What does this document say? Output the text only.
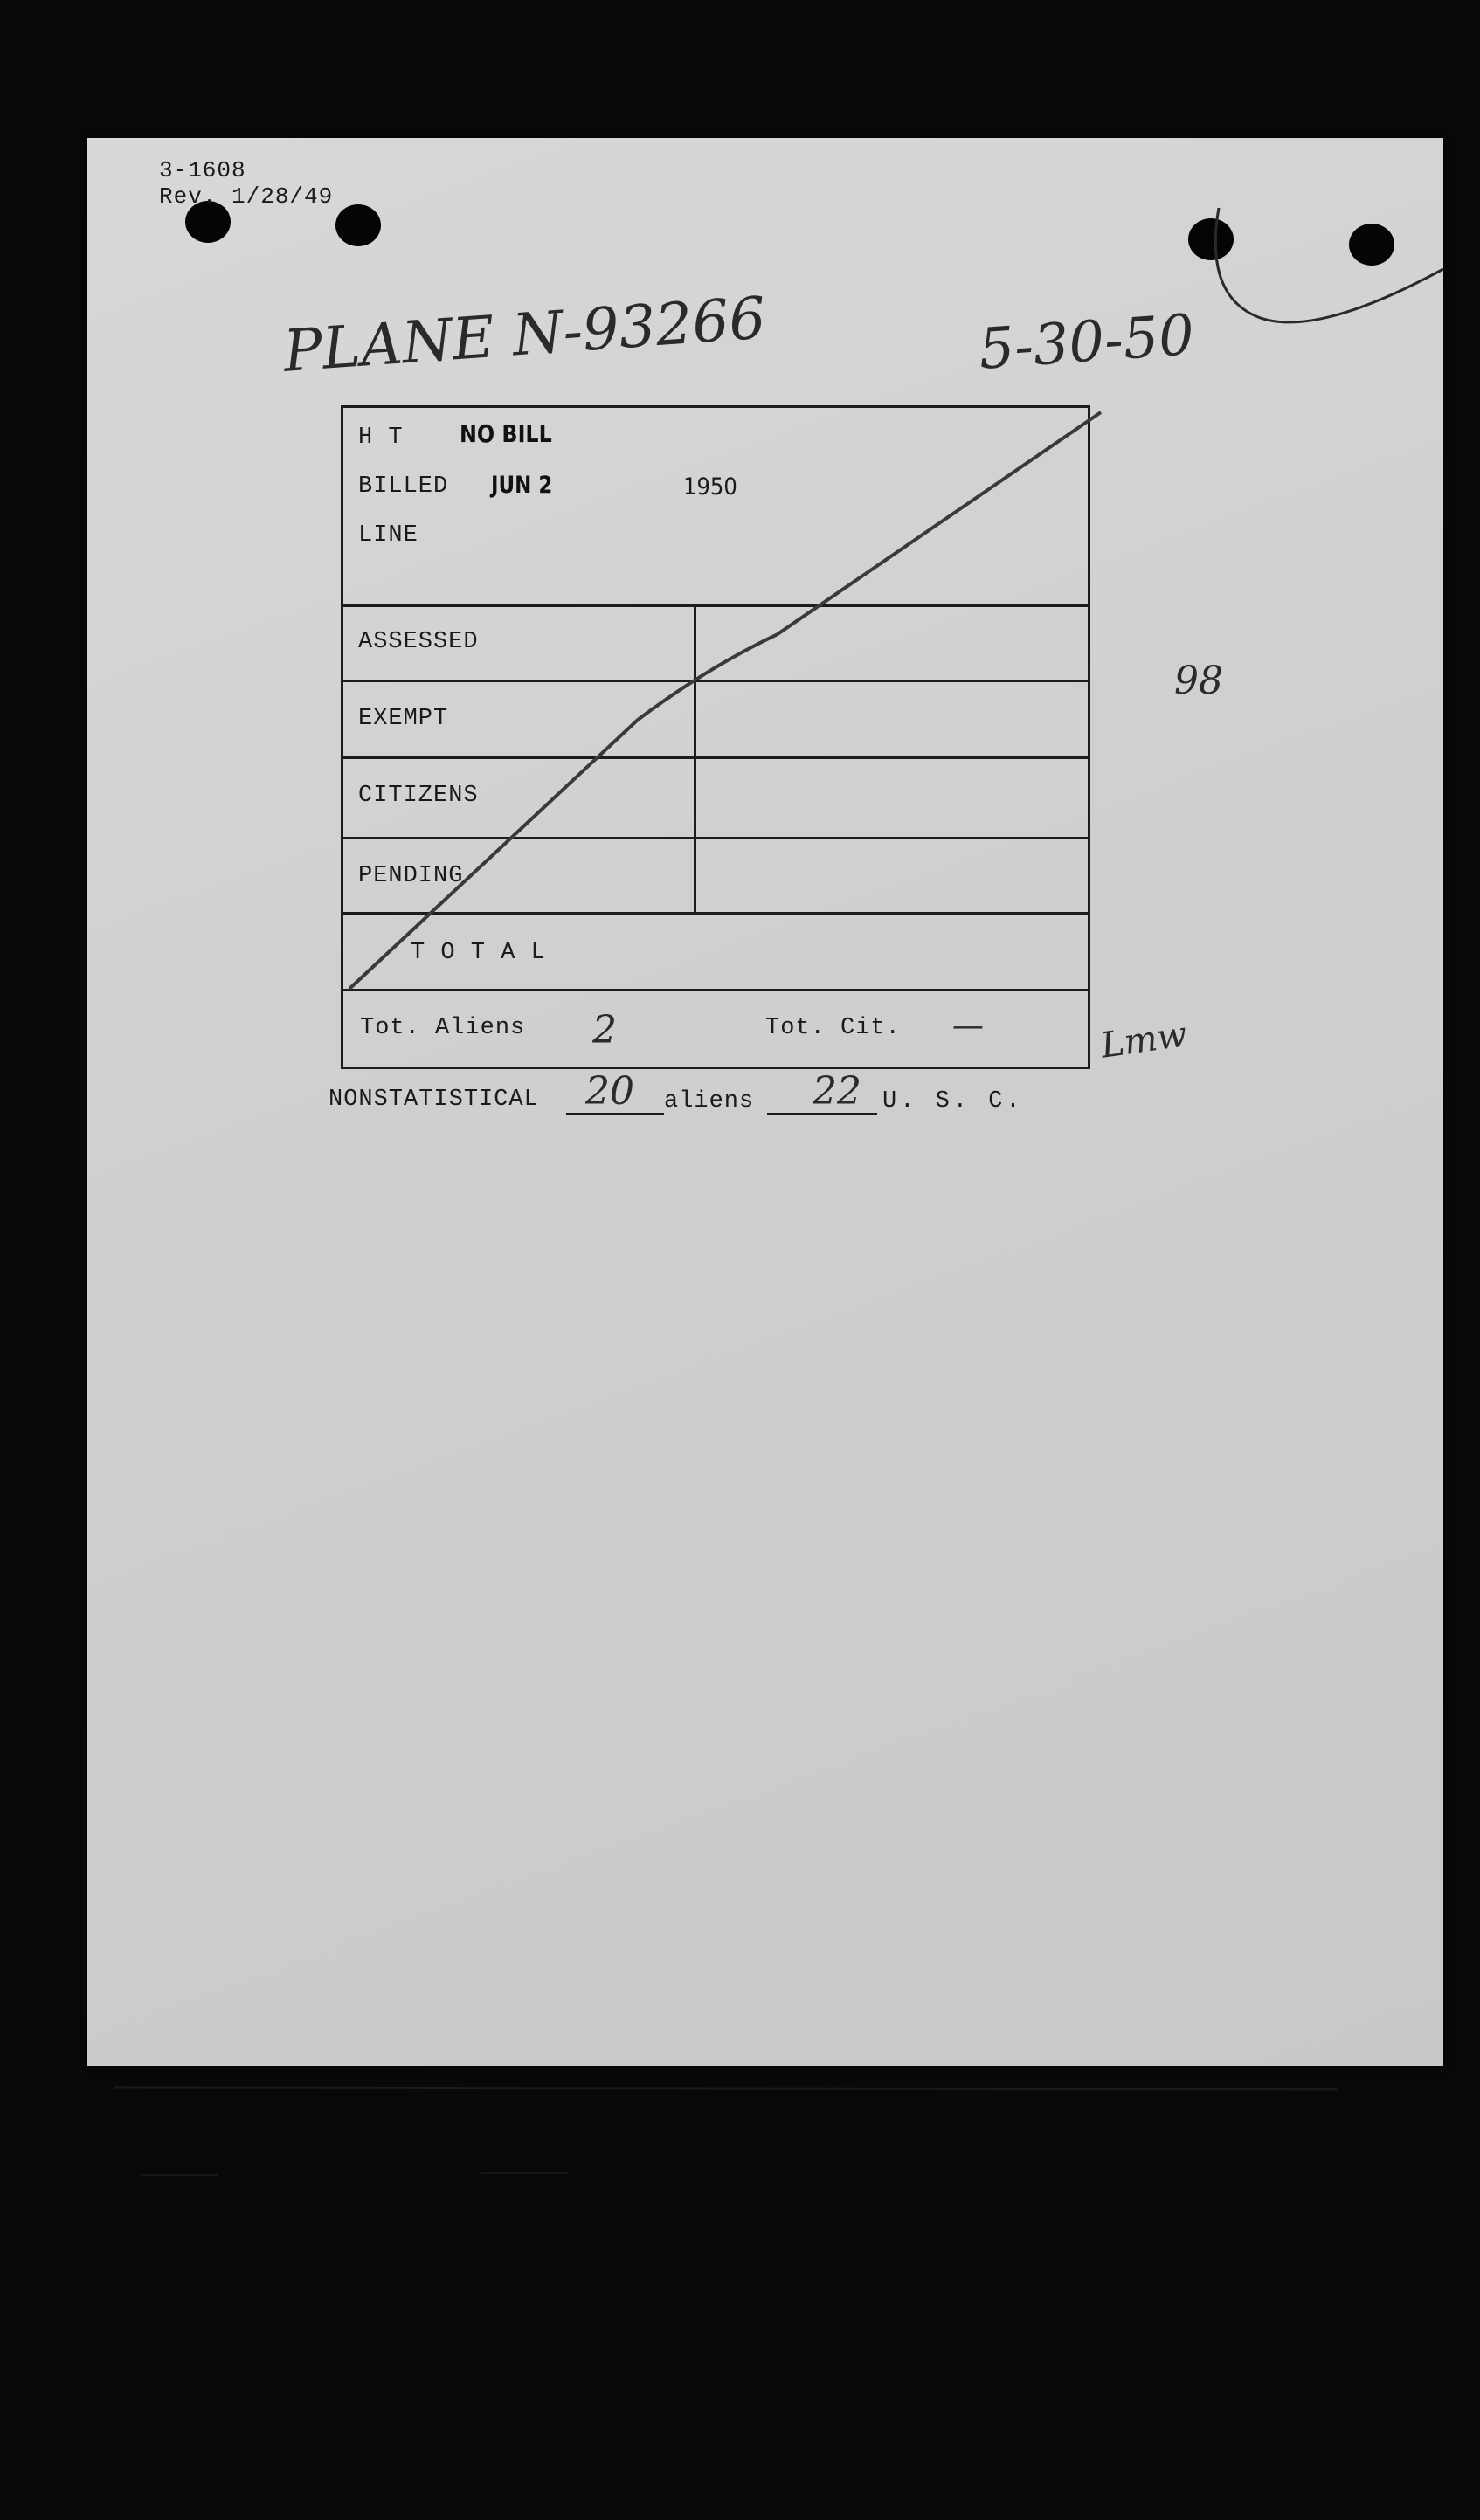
3-1608
Rev. 1/28/49
PLANE N-93266	5-30-50
H T NO BILL
BILLED JUN 2	1950
LINE
ASSESSED
EXEMPT
CITIZENS
PENDING
T O T A L
Tot. Aliens 2	Tot. Cit. —
98
Lmw
NONSTATISTICAL 20 aliens 22 U. S. C.
